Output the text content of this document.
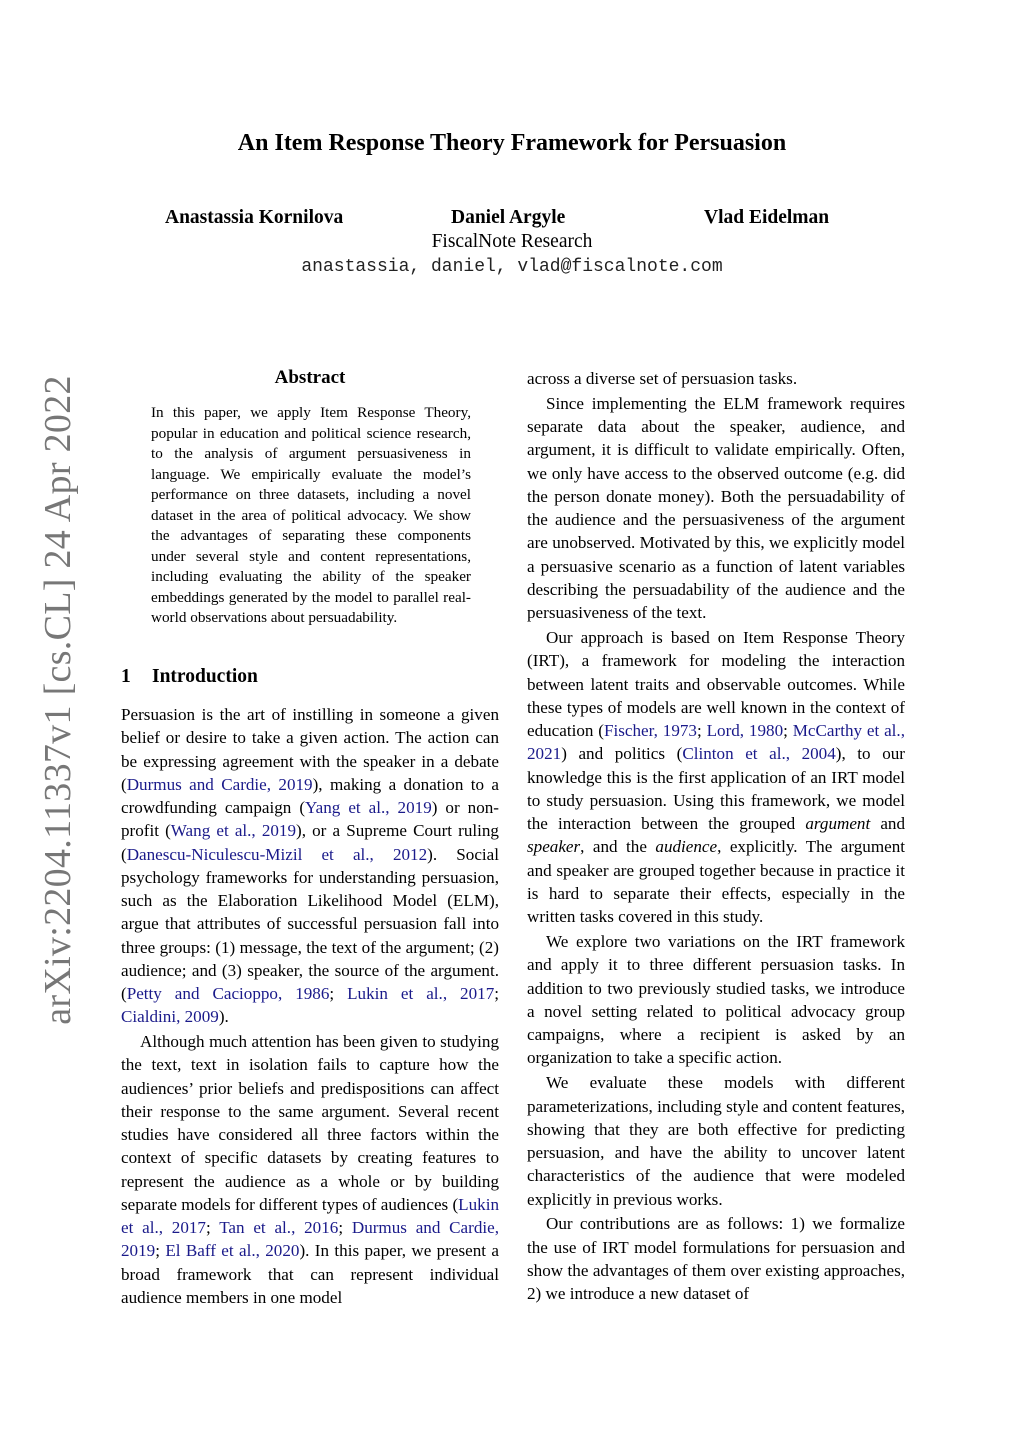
arXiv:2204.11337v1 [cs.CL] 24 Apr 2022
An Item Response Theory Framework for Persuasion
Anastassia Kornilova	Daniel Argyle	Vlad Eidelman
FiscalNote Research
anastassia, daniel, vlad@fiscalnote.com
Abstract
In this paper, we apply Item Response Theory, popular in education and political science research, to the analysis of argument persuasiveness in language. We empirically evaluate the model’s performance on three datasets, including a novel dataset in the area of political advocacy. We show the advantages of separating these components under several style and content representations, including evaluating the ability of the speaker embeddings generated by the model to parallel real-world observations about persuadability.
1 Introduction

Persuasion is the art of instilling in someone a given belief or desire to take a given action. The action can be expressing agreement with the speaker in a debate (Durmus and Cardie, 2019), making a donation to a crowdfunding campaign (Yang et al., 2019) or non-profit (Wang et al., 2019), or a Supreme Court ruling (Danescu-Niculescu-Mizil et al., 2012). Social psychology frameworks for understanding persuasion, such as the Elaboration Likelihood Model (ELM), argue that attributes of successful persuasion fall into three groups: (1) message, the text of the argument; (2) audience; and (3) speaker, the source of the argument. (Petty and Cacioppo, 1986; Lukin et al., 2017; Cialdini, 2009).

Although much attention has been given to studying the text, text in isolation fails to capture how the audiences’ prior beliefs and predispositions can affect their response to the same argument. Several recent studies have considered all three factors within the context of specific datasets by creating features to represent the audience as a whole or by building separate models for different types of audiences (Lukin et al., 2017; Tan et al., 2016; Durmus and Cardie, 2019; El Baff et al., 2020). In this paper, we present a broad framework that can represent individual audience members in one model

across a diverse set of persuasion tasks.

Since implementing the ELM framework requires separate data about the speaker, audience, and argument, it is difficult to validate empirically. Often, we only have access to the observed outcome (e.g. did the person donate money). Both the persuadability of the audience and the persuasiveness of the argument are unobserved. Motivated by this, we explicitly model a persuasive scenario as a function of latent variables describing the persuadability of the audience and the persuasiveness of the text.

Our approach is based on Item Response Theory (IRT), a framework for modeling the interaction between latent traits and observable outcomes. While these types of models are well known in the context of education (Fischer, 1973; Lord, 1980; McCarthy et al., 2021) and politics (Clinton et al., 2004), to our knowledge this is the first application of an IRT model to study persuasion. Using this framework, we model the interaction between the grouped argument and speaker, and the audience, explicitly. The argument and speaker are grouped together because in practice it is hard to separate their effects, especially in the written tasks covered in this study.

We explore two variations on the IRT framework and apply it to three different persuasion tasks. In addition to two previously studied tasks, we introduce a novel setting related to political advocacy group campaigns, where a recipient is asked by an organization to take a specific action.

We evaluate these models with different parameterizations, including style and content features, showing that they are both effective for predicting persuasion, and have the ability to uncover latent characteristics of the audience that were modeled explicitly in previous works.

Our contributions are as follows: 1) we formalize the use of IRT model formulations for persuasion and show the advantages of them over existing approaches, 2) we introduce a new dataset of
